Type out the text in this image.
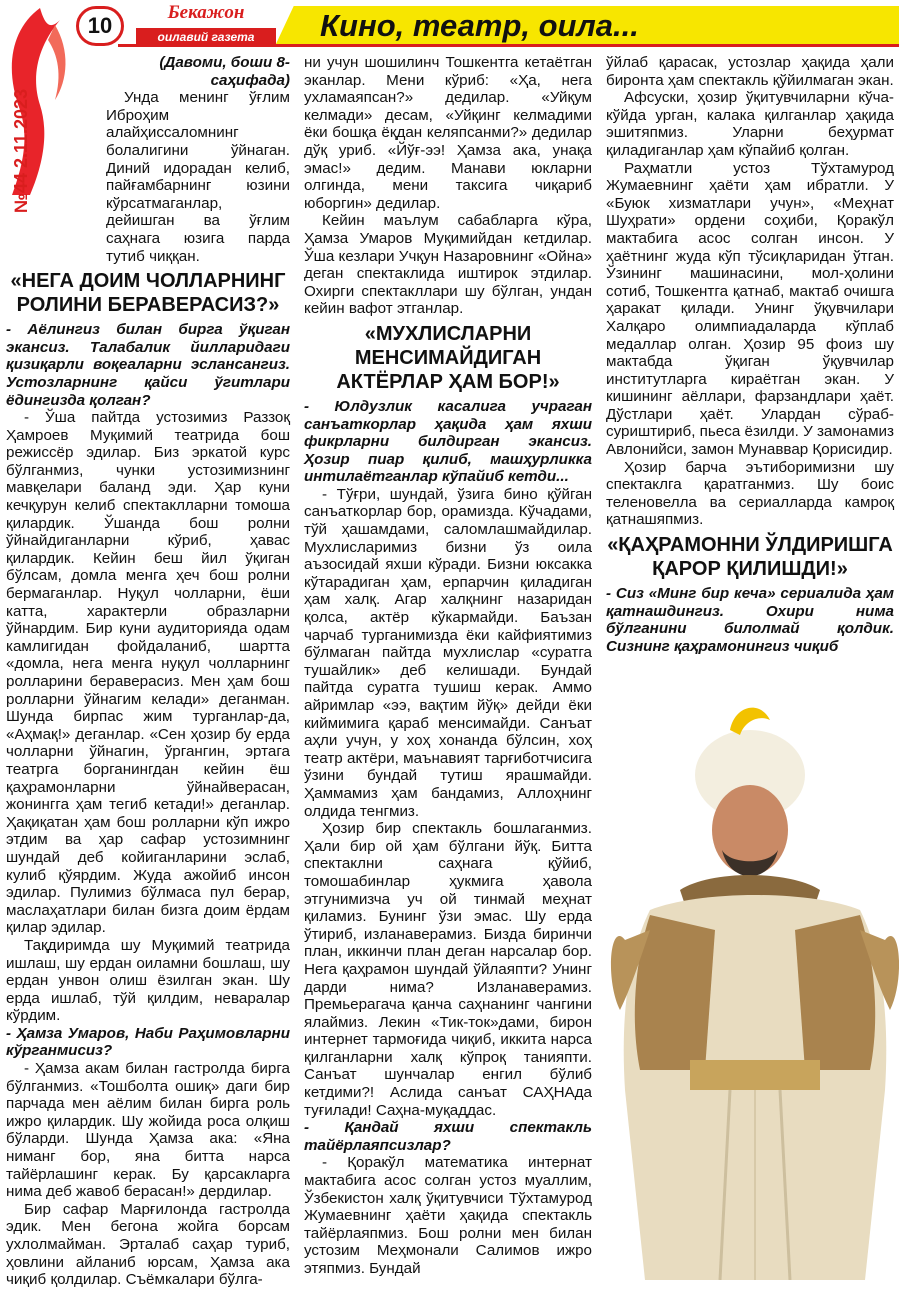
10
Бекажон
оилавий газета	Кино, театр, оила...
№44 2.11.2023
(Давоми, боши 8-саҳифада)

Унда менинг ўғлим Иброҳим алайҳиссаломнинг болалигини ўйнаган. Диний идорадан келиб, пайғамбарнинг юзини кўрсатмаганлар, дейишган ва ўғлим саҳнага юзига парда тутиб чиққан.

«НЕГА ДОИМ ЧОЛЛАРНИНГ РОЛИНИ БЕРАВЕРАСИЗ?»

- Аёлингиз билан бирга ўқиган экансиз. Талабалик йилларидаги қизиқарли воқеаларни эслансангиз. Устозларнинг қайси ўгитлари ёдингизда қолган?

- Ўша пайтда устозимиз Раззоқ Ҳамроев Муқимий театрида бош режиссёр эдилар. Биз эркатой курс бўлганмиз, чунки устозимизнинг мавқелари баланд эди. Ҳар куни кечқурун келиб спектаклларни томоша қилардик. Ўшанда бош ролни ўйнайдиганларни кўриб, ҳавас қилардик. Кейин беш йил ўқиган бўлсам, домла менга ҳеч бош ролни бермаганлар. Нуқул чолларни, ёши катта, характерли образларни ўйнардим. Бир куни аудиторияда одам камлигидан фойдаланиб, шартта «домла, нега менга нуқул чолларнинг ролларини бераверасиз. Мен ҳам бош ролларни ўйнагим келади» деганман. Шунда бирпас жим турганлар-да, «Аҳмақ!» деганлар. «Сен ҳозир бу ерда чолларни ўйнагин, ўргангин, эртага театрга борганингдан кейин ёш қаҳрамонларни ўйнайверасан, жонингга ҳам тегиб кетади!» деганлар. Ҳақиқатан ҳам бош ролларни кўп ижро этдим ва ҳар сафар устозимнинг шундай деб койиганларини эслаб, кулиб қўярдим. Жуда ажойиб инсон эдилар. Пулимиз бўлмаса пул берар, маслаҳатлари билан бизга доим ёрдам қилар эдилар.

Тақдиримда шу Муқимий театрида ишлаш, шу ердан оиламни бошлаш, шу ердан унвон олиш ёзилган экан. Шу ерда ишлаб, тўй қилдим, неваралар кўрдим.

- Ҳамза Умаров, Наби Раҳимовларни кўрганмисиз?

- Ҳамза акам билан гастролда бирга бўлганмиз. «Тошболта ошиқ» даги бир парчада мен аёлим билан бирга роль ижро қилардик. Шу жойида роса олқиш бўларди. Шунда Ҳамза ака: «Яна ниманг бор, яна битта нарса тайёрлашинг керак. Бу қарсакларга нима деб жавоб берасан!» дердилар.

Бир сафар Марғилонда гастролда эдик. Мен бегона жойга борсам ухлолмайман. Эрталаб саҳар туриб, ҳовлини айланиб юрсам, Ҳамза ака чиқиб қолдилар. Съёмкалари бўлга-

ни учун шошилинч Тошкентга кетаётган эканлар. Мени кўриб: «Ҳа, нега ухламаяпсан?» дедилар. «Уйқум келмади» десам, «Уйқинг келмадими ёки бошқа ёқдан келяпсанми?» дедилар дўқ уриб. «Йўғ-ээ! Ҳамза ака, унақа эмас!» дедим. Манави юкларни олгинда, мени таксига чиқариб юборгин» дедилар.

Кейин маълум сабабларга кўра, Ҳамза Умаров Муқимийдан кетдилар. Ўша кезлари Учқун Назаровнинг «Ойна» деган спектаклида иштирок этдилар. Охирги спектакллари шу бўлган, ундан кейин вафот этганлар.

«МУХЛИСЛАРНИ МЕНСИМАЙДИГАН АКТЁРЛАР ҲАМ БОР!»

- Юлдузлик касалига учраган санъаткорлар ҳақида ҳам яхши фикрларни билдирган экансиз. Ҳозир пиар қилиб, машҳурликка интилаётганлар кўпайиб кетди...

- Тўғри, шундай, ўзига бино қўйган санъаткорлар бор, орамизда. Кўчадами, тўй ҳашамдами, саломлашмайдилар. Мухлисларимиз бизни ўз оила аъзосидай яхши кўради. Бизни юксакка кўтарадиган ҳам, ерпарчин қиладиган ҳам халқ. Агар халқнинг назаридан қолса, актёр кўкармайди. Баъзан чарчаб турганимизда ёки кайфиятимиз бўлмаган пайтда мухлислар «суратга тушайлик» деб келишади. Бундай пайтда суратга тушиш керак. Аммо айримлар «ээ, вақтим йўқ» дейди ёки киймимига қараб менсимайди. Санъат аҳли учун, у хоҳ хонанда бўлсин, хоҳ театр актёри, маънавият тарғиботчисига ўзини бундай тутиш ярашмайди. Ҳаммамиз ҳам бандамиз, Аллоҳнинг олдида тенгмиз.

Ҳозир бир спектакль бошлаганмиз. Ҳали бир ой ҳам бўлгани йўқ. Битта спектаклни саҳнага қўйиб, томошабинлар ҳукмига ҳавола этгунимизча уч ой тинмай меҳнат қиламиз. Бунинг ўзи эмас. Шу ерда ўтириб, изланаверамиз. Бизда биринчи план, иккинчи план деган нарсалар бор. Нега қаҳрамон шундай ўйлаяпти? Унинг дарди нима? Изланаверамиз. Премьерагача қанча саҳнанинг чангини ялаймиз. Лекин «Тик-ток»дами, бирон интернет тармоғида чиқиб, иккита нарса қилганларни халқ кўпроқ танияпти. Санъат шунчалар енгил бўлиб кетдими?! Аслида санъат САҲНАда туғилади! Саҳна-муқаддас.

- Қандай яхши спектакль тайёрлаяпсизлар?

- Қоракўл математика интернат мактабига асос солган устоз муаллим, Ўзбекистон халқ ўқитувчиси Тўхтамурод Жумаевнинг ҳаёти ҳақида спектакль тайёрлаяпмиз. Бош ролни мен билан устозим Меҳмонали Салимов ижро этяпмиз. Бундай

ўйлаб қарасак, устозлар ҳақида ҳали биронта ҳам спектакль қўйилмаган экан.

Афсуски, ҳозир ўқитувчиларни кўча-кўйда урган, калака қилганлар ҳақида эшитяпмиз. Уларни беҳурмат қиладиганлар ҳам кўпайиб қолган.

Раҳматли устоз Тўхтамурод Жумаевнинг ҳаёти ҳам ибратли. У «Буюк хизматлари учун», «Меҳнат Шуҳрати» ордени соҳиби, Қоракўл мактабига асос солган инсон. У ҳаётнинг жуда кўп тўсиқларидан ўтган. Ўзининг машинасини, мол-ҳолини сотиб, Тошкентга қатнаб, мактаб очишга ҳаракат қилади. Унинг ўқувчилари Халқаро олимпиадаларда кўплаб медаллар олган. Ҳозир 95 фоиз шу мактабда ўқиган ўқувчилар институтларга кираётган экан. У кишининг аёллари, фарзандлари ҳаёт. Дўстлари ҳаёт. Улардан сўраб-суриштириб, пьеса ёзилди. У замонамиз Авлонийси, замон Мунаввар Қорисидир.

Ҳозир барча эътиборимизни шу спектаклга қаратганмиз. Шу боис теленовелла ва сериалларда камроқ қатнашяпмиз.

«ҚАҲРАМОННИ ЎЛДИРИШГА ҚАРОР ҚИЛИШДИ!»

- Сиз «Минг бир кеча» сериалида ҳам қатнашдингиз. Охири нима бўлганини билолмай қолдик. Сизнинг қаҳрамонингиз чиқиб
